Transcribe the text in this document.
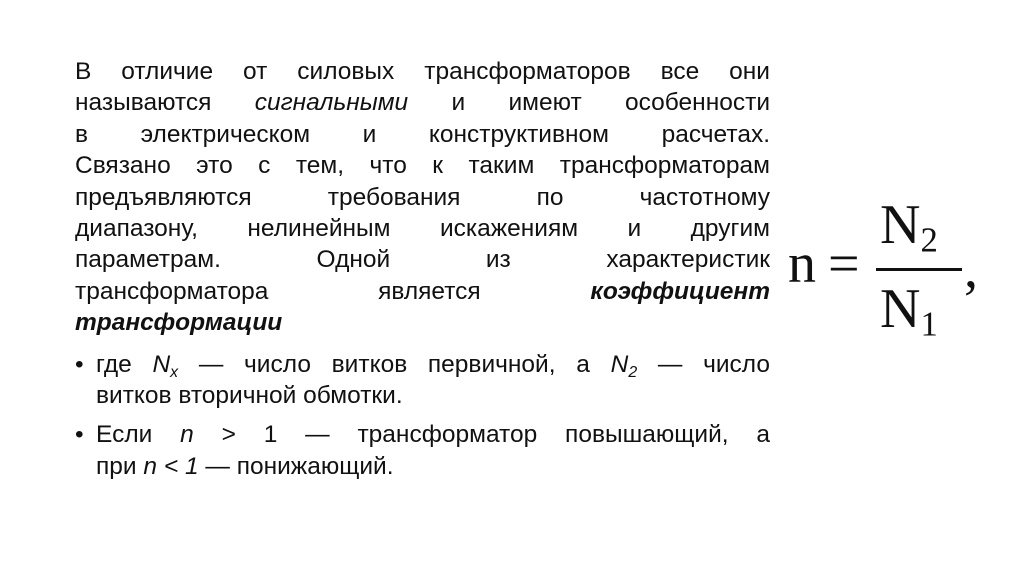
В отличие от силовых трансформаторов все они
называются сигнальными и имеют особенности
в электрическом и конструктивном расчетах.
Связано это с тем, что к таким трансформаторам
предъявляются требования по частотному
диапазону, нелинейным искажениям и другим
параметрам. Одной из характеристик
трансформатора является коэффициент
трансформации

• где $N_x$ — число витков первичной, а $N_2$ — число
витков вторичной обмотки.
• Если n > 1 — трансформатор повышающий, а
при n < 1 — понижающий.
n =
$N_2$
$N_1$
,
